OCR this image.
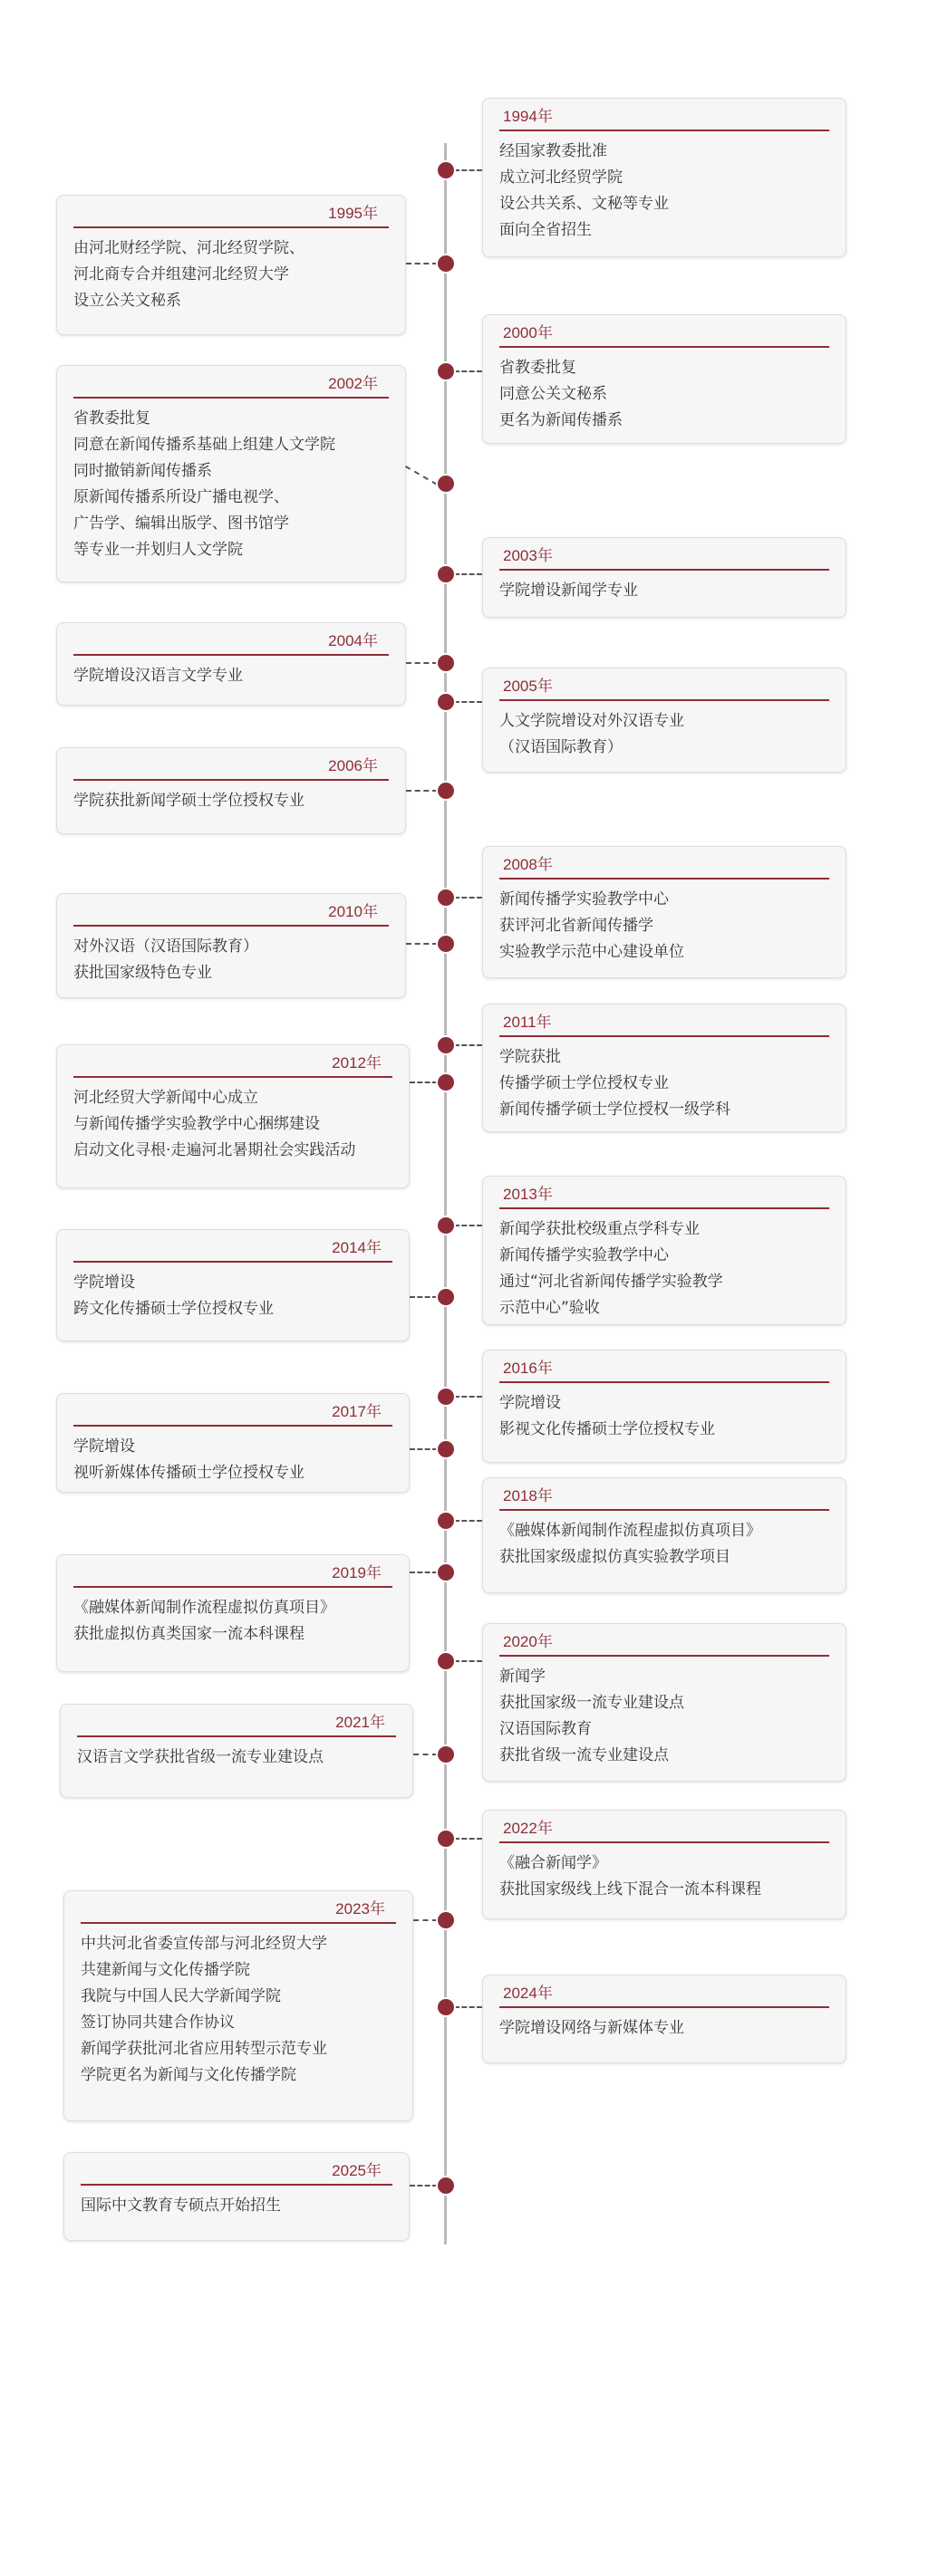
1994年
经国家教委批准
成立河北经贸学院
设公共关系、文秘等专业
面向全省招生
1995年
由河北财经学院、河北经贸学院、
河北商专合并组建河北经贸大学
设立公关文秘系
2000年
省教委批复
同意公关文秘系
更名为新闻传播系
2002年
省教委批复
同意在新闻传播系基础上组建人文学院
同时撤销新闻传播系
原新闻传播系所设广播电视学、
广告学、编辑出版学、图书馆学
等专业一并划归人文学院	2003年
学院增设新闻学专业
2004年
学院增设汉语言文学专业
2005年
人文学院增设对外汉语专业
（汉语国际教育）
2006年
学院获批新闻学硕士学位授权专业
2008年
新闻传播学实验教学中心
获评河北省新闻传播学
实验教学示范中心建设单位
2010年
对外汉语（汉语国际教育）
获批国家级特色专业
2011年
学院获批
传播学硕士学位授权专业
新闻传播学硕士学位授权一级学科
2012年
河北经贸大学新闻中心成立
与新闻传播学实验教学中心捆绑建设
启动文化寻根·走遍河北暑期社会实践活动
2013年
新闻学获批校级重点学科专业
新闻传播学实验教学中心
通过“河北省新闻传播学实验教学
示范中心”验收
2014年
学院增设
跨文化传播硕士学位授权专业
2016年
学院增设
影视文化传播硕士学位授权专业
2017年
学院增设
视听新媒体传播硕士学位授权专业
2018年
《融媒体新闻制作流程虚拟仿真项目》
获批国家级虚拟仿真实验教学项目
2019年
《融媒体新闻制作流程虚拟仿真项目》
获批虚拟仿真类国家一流本科课程	2020年
新闻学
获批国家级一流专业建设点
汉语国际教育
获批省级一流专业建设点
2021年
汉语言文学获批省级一流专业建设点
2022年
《融合新闻学》
获批国家级线上线下混合一流本科课程
2023年
中共河北省委宣传部与河北经贸大学
共建新闻与文化传播学院
我院与中国人民大学新闻学院
签订协同共建合作协议
新闻学获批河北省应用转型示范专业
学院更名为新闻与文化传播学院
2024年
学院增设网络与新媒体专业
2025年
国际中文教育专硕点开始招生
